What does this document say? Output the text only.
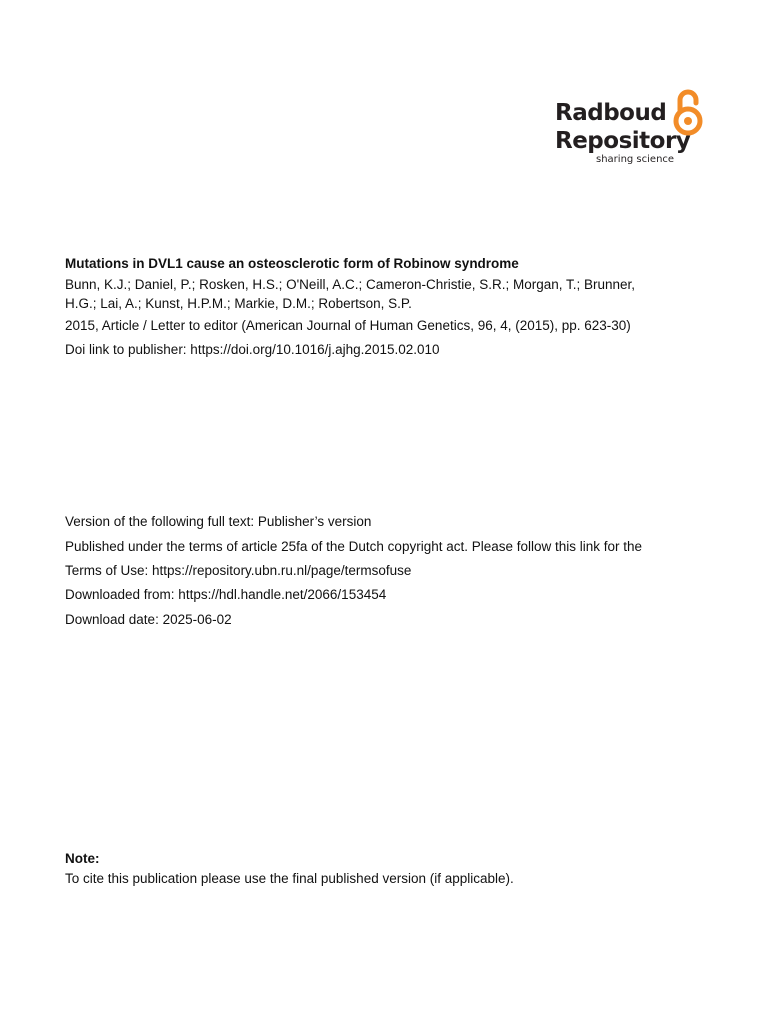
Radboud
Repository
sharing science
Mutations in DVL1 cause an osteosclerotic form of Robinow syndrome
Bunn, K.J.; Daniel, P.; Rosken, H.S.; O'Neill, A.C.; Cameron-Christie, S.R.; Morgan, T.; Brunner,
H.G.; Lai, A.; Kunst, H.P.M.; Markie, D.M.; Robertson, S.P.
2015, Article / Letter to editor (American Journal of Human Genetics, 96, 4, (2015), pp. 623-30)
Doi link to publisher: https://doi.org/10.1016/j.ajhg.2015.02.010
Version of the following full text: Publisher’s version
Published under the terms of article 25fa of the Dutch copyright act. Please follow this link for the
Terms of Use: https://repository.ubn.ru.nl/page/termsofuse
Downloaded from: https://hdl.handle.net/2066/153454
Download date: 2025-06-02
Note:
To cite this publication please use the final published version (if applicable).
